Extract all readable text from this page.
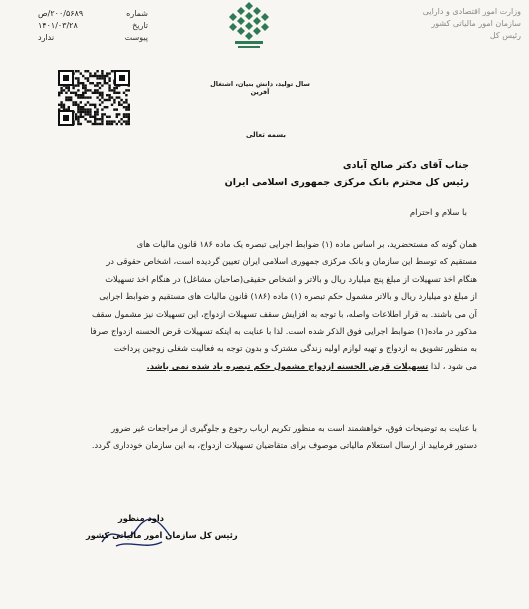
شماره
۲۰۰/۵۶۸۹/ص
تاریخ
۱۴۰۱/۰۳/۲۸
پیوست
ندارد
وزارت امور اقتصادی و دارایی
سازمان امور مالیاتی کشور
رئیس کل
سال تولید، دانش بنیان، اشتغال آفرین
بسمه تعالی
جناب آقای دکتر صالح آبادی
رئیس کل محترم بانک مرکزی جمهوری اسلامی ایران
با سلام و احترام
همان گونه که مستحضرید، بر اساس ماده (۱) ضوابط اجرایی تبصره یک ماده ۱۸۶ قانون مالیات های
مستقیم که توسط این سازمان و بانک مرکزی جمهوری اسلامی ایران تعیین گردیده است، اشخاص حقوقی در
هنگام اخذ تسهیلات از مبلغ پنج میلیارد ریال و بالاتر و اشخاص حقیقی(صاحبان مشاغل) در هنگام اخذ تسهیلات
از مبلغ دو میلیارد ریال و بالاتر مشمول حکم تبصره (۱) ماده (۱۸۶) قانون مالیات های مستقیم و ضوابط اجرایی
آن می باشند. به قرار اطلاعات واصله، با توجه به افزایش سقف تسهیلات ازدواج، این تسهیلات نیز مشمول سقف
مذکور در ماده(۱) ضوابط اجرایی فوق الذکر شده است. لذا با عنایت به اینکه تسهیلات قرض الحسنه ازدواج صرفا
به منظور تشویق به ازدواج و تهیه لوازم اولیه زندگی مشترک و بدون توجه به فعالیت شغلی زوجین پرداخت
می شود ، لذا تسهیلات قرض الحسنه ازدواج مشمول حکم تبصره یاد شده نمی باشد.
با عنایت به توضیحات فوق، خواهشمند است به منظور تکریم ارباب رجوع و جلوگیری از مراجعات غیر ضرور
دستور فرمایید از ارسال استعلام مالیاتی موصوف برای متقاضیان تسهیلات ازدواج، به این سازمان خودداری گردد.
داود منظور
رئیس کل سازمان امور مالیاتی کشور
